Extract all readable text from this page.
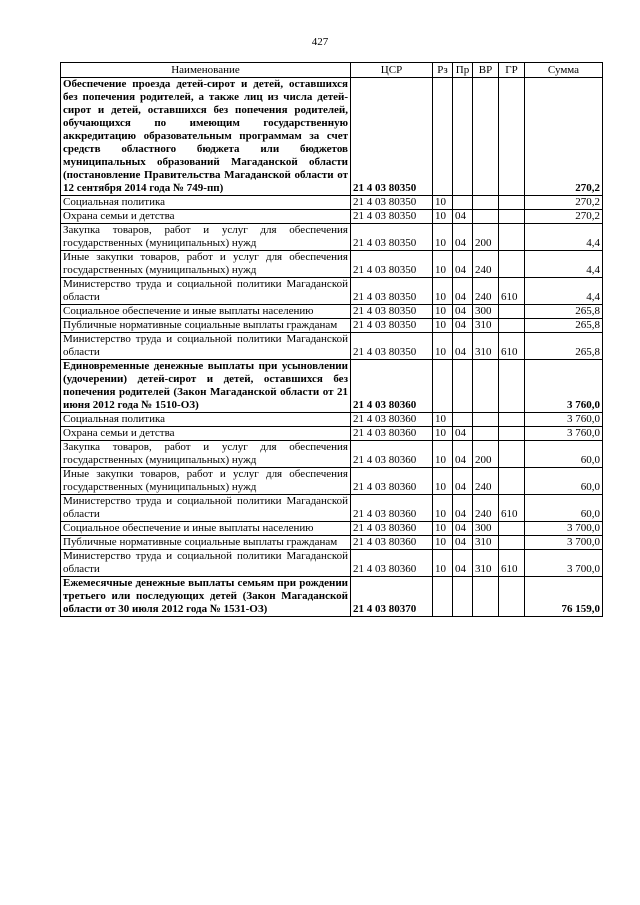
427
Наименование	ЦСР	Рз	Пр	ВР	ГР	Сумма
Обеспечение проезда детей-сирот и детей, оставшихся без попечения родителей, а также лиц из числа детей-сирот и детей, оставшихся без попечения родителей, обучающихся по имеющим государственную аккредитацию образовательным программам за счет средств областного бюджета или бюджетов муниципальных образований Магаданской области (постановление Правительства Магаданской области от 12 сентября 2014 года № 749-пп)	21 4 03 80350					270,2
Социальная политика	21 4 03 80350	10				270,2
Охрана семьи и детства	21 4 03 80350	10	04			270,2
Закупка товаров, работ и услуг для обеспечения государственных (муниципальных) нужд	21 4 03 80350	10	04	200		4,4
Иные закупки товаров, работ и услуг для обеспечения государственных (муниципальных) нужд	21 4 03 80350	10	04	240		4,4
Министерство труда и социальной политики Магаданской области	21 4 03 80350	10	04	240	610	4,4
Социальное обеспечение и иные выплаты населению	21 4 03 80350	10	04	300		265,8
Публичные нормативные социальные выплаты гражданам	21 4 03 80350	10	04	310		265,8
Министерство труда и социальной политики Магаданской области	21 4 03 80350	10	04	310	610	265,8
Единовременные денежные выплаты при усыновлении (удочерении) детей-сирот и детей, оставшихся без попечения родителей (Закон Магаданской области от 21 июня 2012 года № 1510-ОЗ)	21 4 03 80360					3 760,0
Социальная политика	21 4 03 80360	10				3 760,0
Охрана семьи и детства	21 4 03 80360	10	04			3 760,0
Закупка товаров, работ и услуг для обеспечения государственных (муниципальных) нужд	21 4 03 80360	10	04	200		60,0
Иные закупки товаров, работ и услуг для обеспечения государственных (муниципальных) нужд	21 4 03 80360	10	04	240		60,0
Министерство труда и социальной политики Магаданской области	21 4 03 80360	10	04	240	610	60,0
Социальное обеспечение и иные выплаты населению	21 4 03 80360	10	04	300		3 700,0
Публичные нормативные социальные выплаты гражданам	21 4 03 80360	10	04	310		3 700,0
Министерство труда и социальной политики Магаданской области	21 4 03 80360	10	04	310	610	3 700,0
Ежемесячные денежные выплаты семьям при рождении третьего или последующих детей (Закон Магаданской области от 30 июля 2012 года № 1531-ОЗ)	21 4 03 80370					76 159,0
